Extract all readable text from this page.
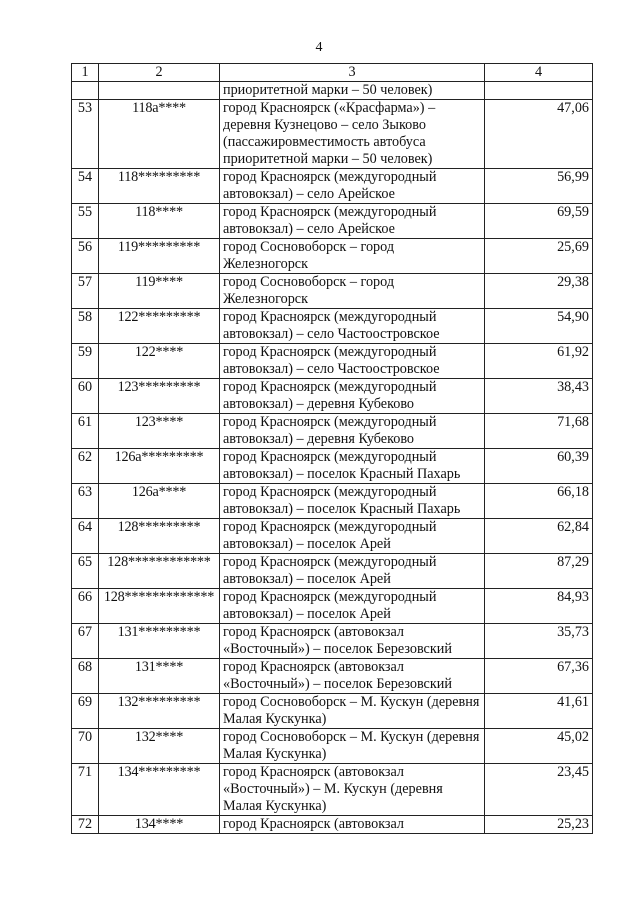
4
1	2	3	4
		приоритетной марки – 50 человек)	
53	118а****	город Красноярск («Красфарма») – деревня Кузнецово – село Зыково (пассажировместимость автобуса приоритетной марки – 50 человек)	47,06
54	118*********	город Красноярск (междугородный автовокзал) – село Арейское	56,99
55	118****	город Красноярск (междугородный автовокзал) – село Арейское	69,59
56	119*********	город Сосновоборск – город Железногорск	25,69
57	119****	город Сосновоборск – город Железногорск	29,38
58	122*********	город Красноярск (междугородный автовокзал) – село Частоостровское	54,90
59	122****	город Красноярск (междугородный автовокзал) – село Частоостровское	61,92
60	123*********	город Красноярск (междугородный автовокзал) – деревня Кубеково	38,43
61	123****	город Красноярск (междугородный автовокзал) – деревня Кубеково	71,68
62	126а*********	город Красноярск (междугородный автовокзал) – поселок Красный Пахарь	60,39
63	126а****	город Красноярск (междугородный автовокзал) – поселок Красный Пахарь	66,18
64	128*********	город Красноярск (междугородный автовокзал) – поселок Арей	62,84
65	128************	город Красноярск (междугородный автовокзал) – поселок Арей	87,29
66	128*************	город Красноярск (междугородный автовокзал) – поселок Арей	84,93
67	131*********	город Красноярск (автовокзал «Восточный») – поселок Березовский	35,73
68	131****	город Красноярск (автовокзал «Восточный») – поселок Березовский	67,36
69	132*********	город Сосновоборск – М. Кускун (деревня Малая Кускунка)	41,61
70	132****	город Сосновоборск – М. Кускун (деревня Малая Кускунка)	45,02
71	134*********	город Красноярск (автовокзал «Восточный») – М. Кускун (деревня Малая Кускунка)	23,45
72	134****	город Красноярск (автовокзал	25,23
